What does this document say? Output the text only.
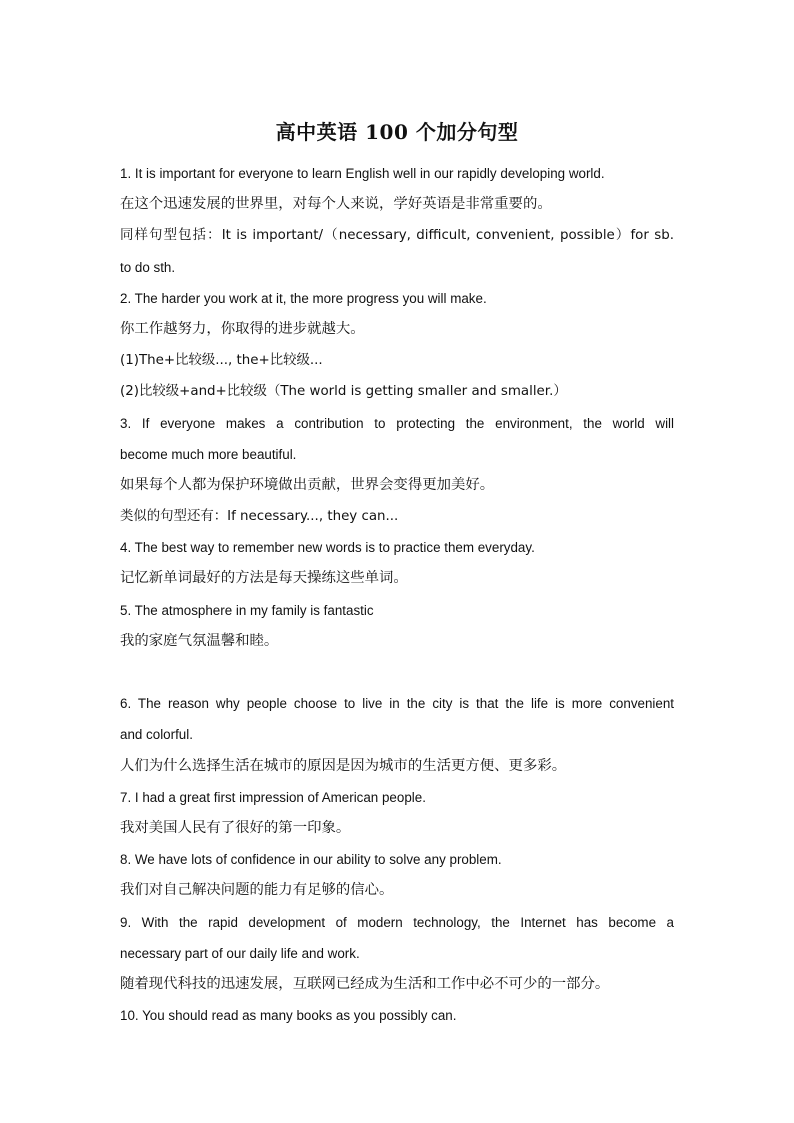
高中英语 100 个加分句型
1. It is important for everyone to learn English well in our rapidly developing world.
在这个迅速发展的世界里，对每个人来说，学好英语是非常重要的。
同样句型包括：It is important/（necessary, difficult, convenient, possible）for sb.
to do sth.
2. The harder you work at it, the more progress you will make.
你工作越努力，你取得的进步就越大。
(1)The+比较级..., the+比较级...
(2)比较级+and+比较级（The world is getting smaller and smaller.）
3. If everyone makes a contribution to protecting the environment, the world will
become much more beautiful.
如果每个人都为保护环境做出贡献，世界会变得更加美好。
类似的句型还有：If necessary..., they can...
4. The best way to remember new words is to practice them everyday.
记忆新单词最好的方法是每天操练这些单词。
5. The atmosphere in my family is fantastic
我的家庭气氛温馨和睦。
6. The reason why people choose to live in the city is that the life is more convenient
and colorful.
人们为什么选择生活在城市的原因是因为城市的生活更方便、更多彩。
7. I had a great first impression of American people.
我对美国人民有了很好的第一印象。
8. We have lots of confidence in our ability to solve any problem.
我们对自己解决问题的能力有足够的信心。
9. With the rapid development of modern technology, the Internet has become a
necessary part of our daily life and work.
随着现代科技的迅速发展，互联网已经成为生活和工作中必不可少的一部分。
10. You should read as many books as you possibly can.
